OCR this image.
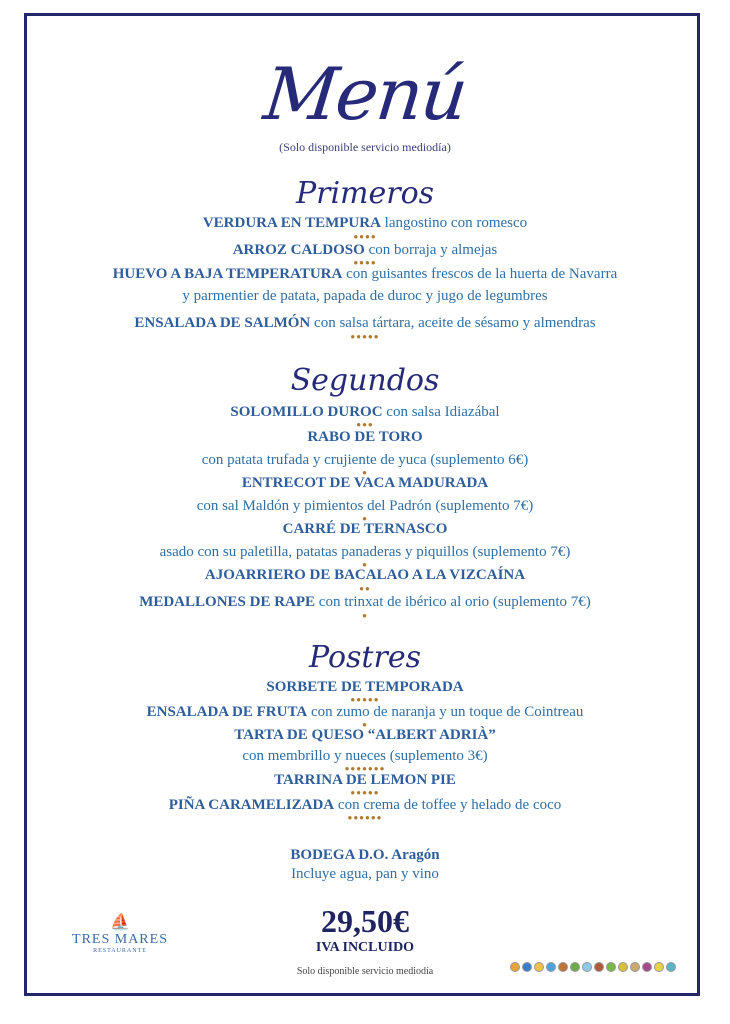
Menú
(Solo disponible servicio mediodía)
Primeros
Segundos
Postres
VERDURA EN TEMPURA langostino con romesco
●●●●
ARROZ CALDOSO con borraja y almejas
●●●●
HUEVO A BAJA TEMPERATURA con guisantes frescos de la huerta de Navarra
y parmentier de patata, papada de duroc y jugo de legumbres
ENSALADA DE SALMÓN con salsa tártara, aceite de sésamo y almendras
●●●●●
SOLOMILLO DUROC con salsa Idiazábal
●●●
RABO DE TORO
con patata trufada y crujiente de yuca (suplemento 6€)
●
ENTRECOT DE VACA MADURADA
con sal Maldón y pimientos del Padrón (suplemento 7€)
●
CARRÉ DE TERNASCO
asado con su paletilla, patatas panaderas y piquillos (suplemento 7€)
●
AJOARRIERO DE BACALAO A LA VIZCAÍNA
●●
MEDALLONES DE RAPE con trinxat de ibérico al orio (suplemento 7€)
●
SORBETE DE TEMPORADA
●●●●●
ENSALADA DE FRUTA con zumo de naranja y un toque de Cointreau
●
TARTA DE QUESO “ALBERT ADRIÀ”
con membrillo y nueces (suplemento 3€)
●●●●●●●
TARRINA DE LEMON PIE
●●●●●
PIÑA CARAMELIZADA con crema de toffee y helado de coco
●●●●●●
BODEGA D.O. Aragón
Incluye agua, pan y vino
29,50€
IVA INCLUIDO
Solo disponible servicio mediodía
⛵
TRES MARES
RESTAURANTE
